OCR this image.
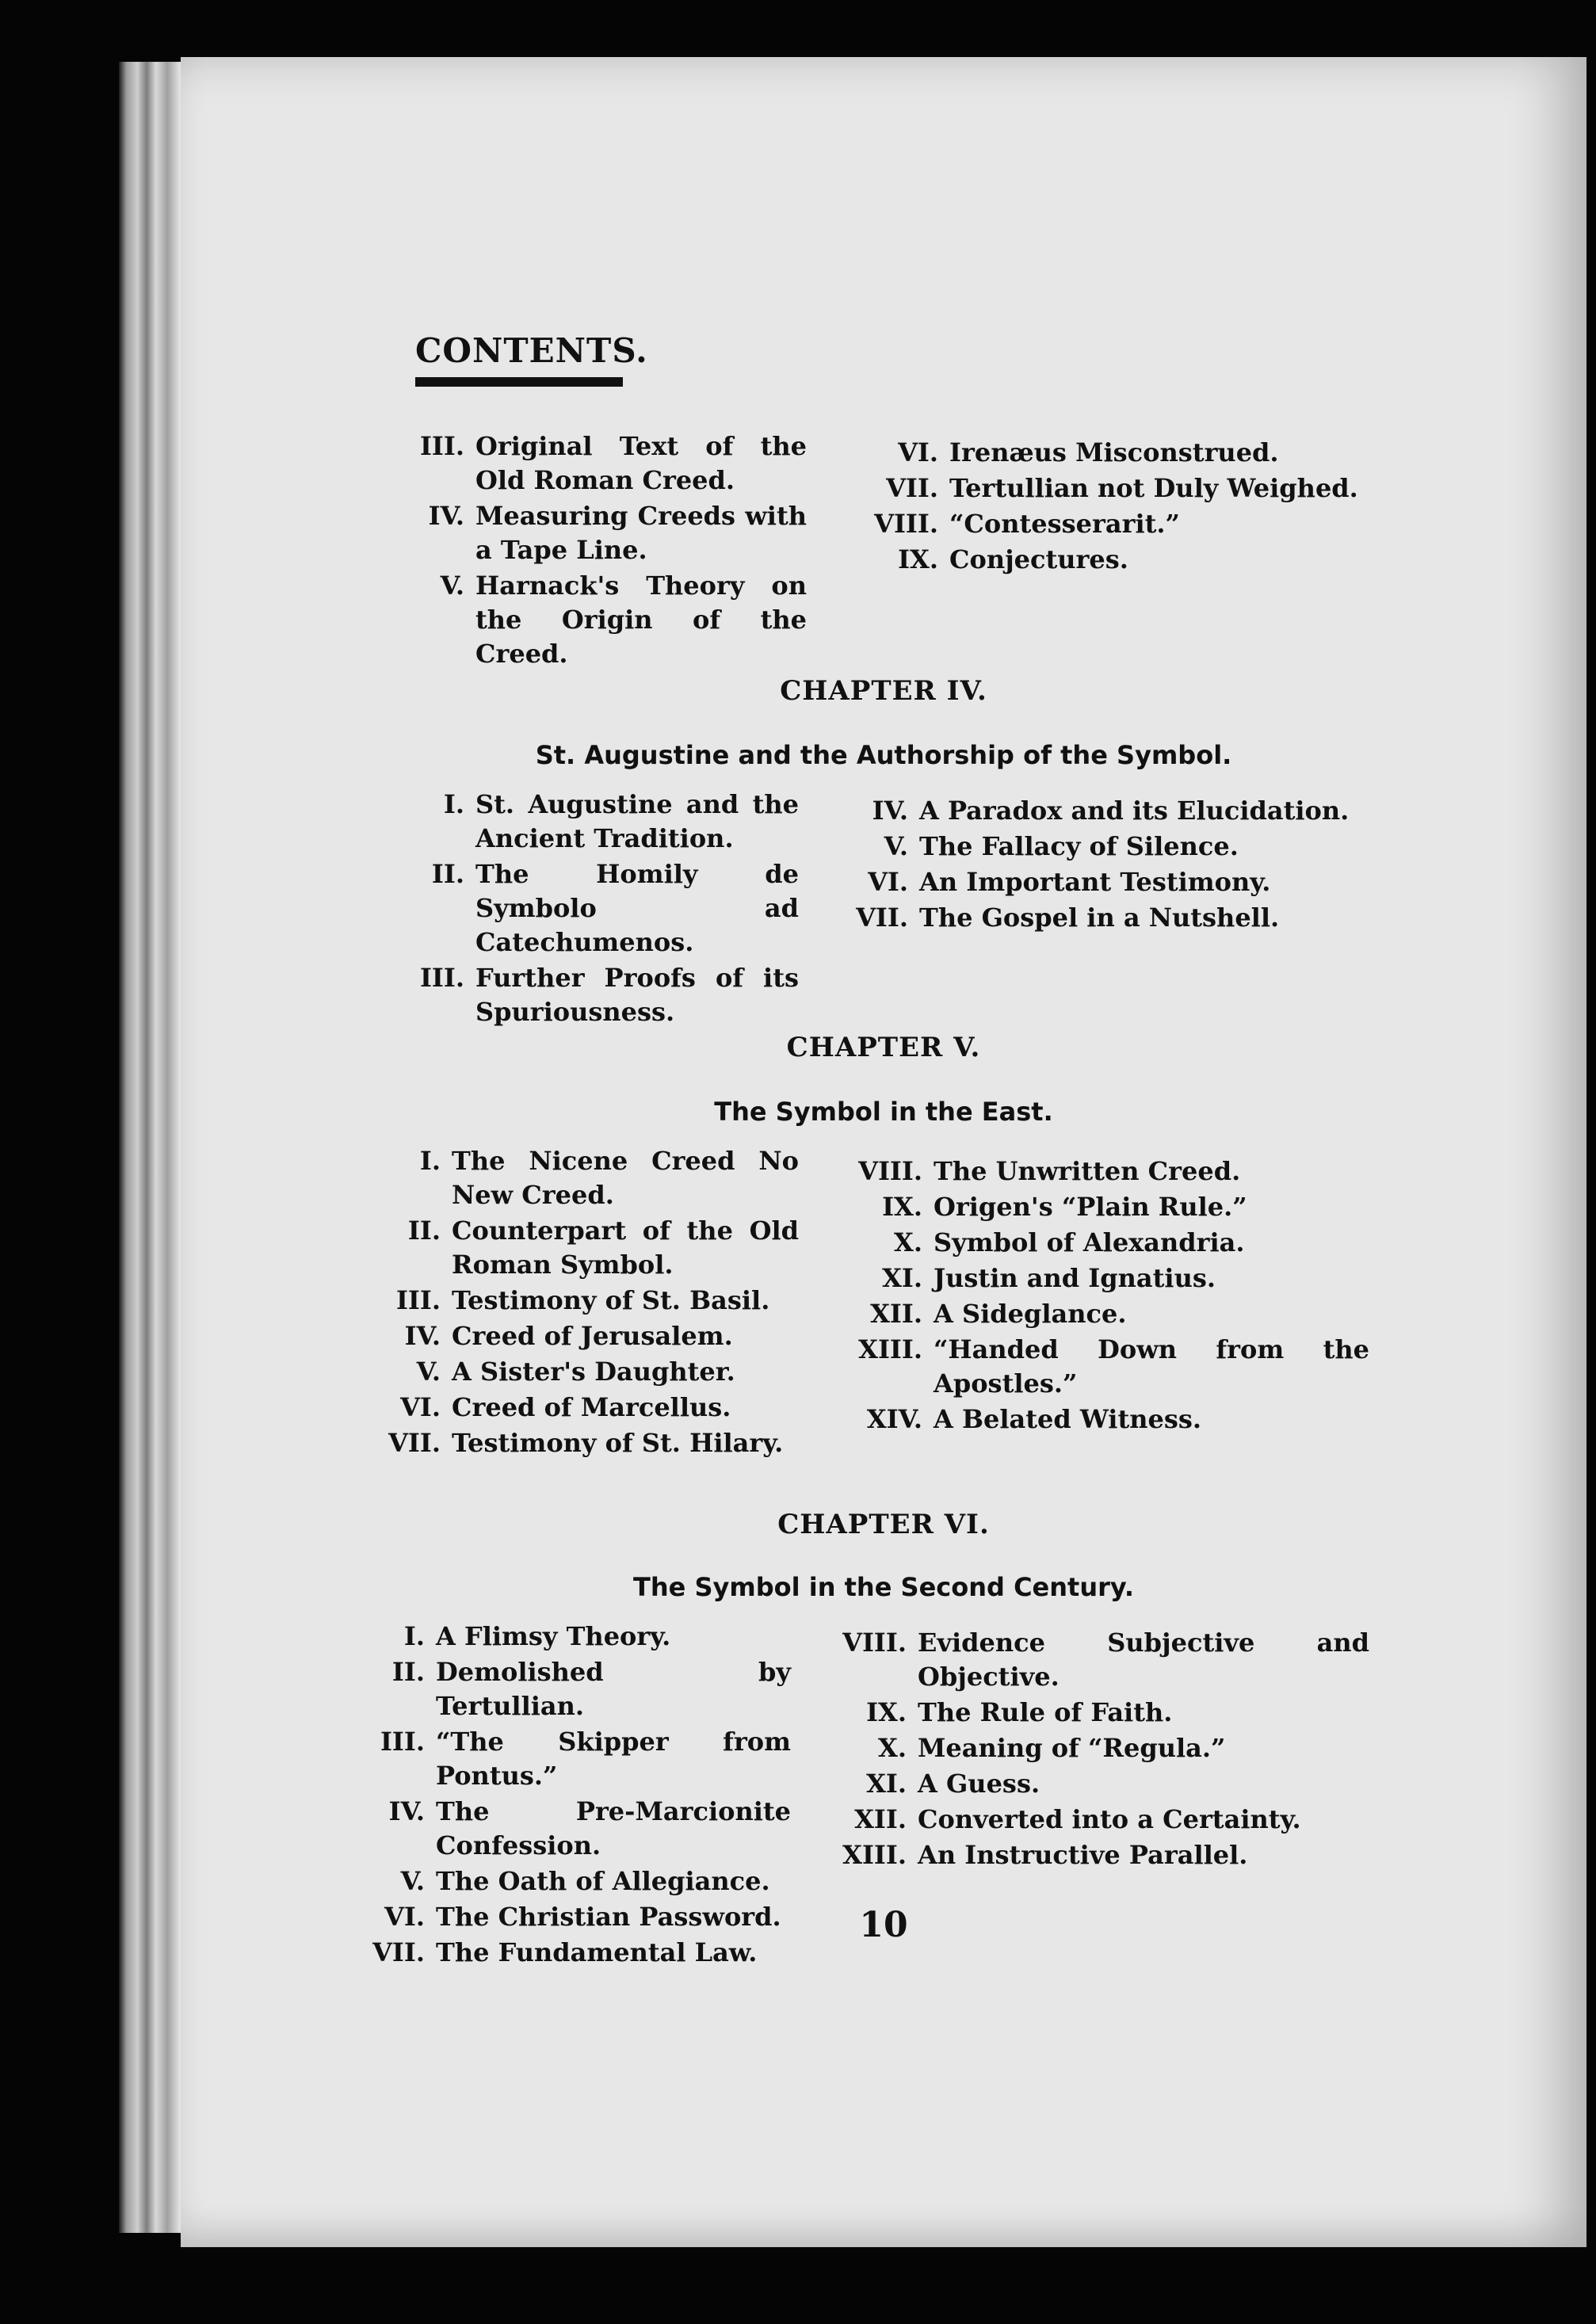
CONTENTS.
III. Original Text of the Old Roman Creed.
IV. Measuring Creeds with a Tape Line.
V. Harnack's Theory on the Origin of the Creed.
VI. Irenæus Misconstrued.
VII. Tertullian not Duly Weighed.
VIII. “Contesserarit.”
IX. Conjectures.
CHAPTER IV.
St. Augustine and the Authorship of the Symbol.
I. St. Augustine and the Ancient Tradition.
II. The Homily de Symbolo ad Catechumenos.
III. Further Proofs of its Spuriousness.
IV. A Paradox and its Elucidation.
V. The Fallacy of Silence.
VI. An Important Testimony.
VII. The Gospel in a Nutshell.
CHAPTER V.
The Symbol in the East.
I. The Nicene Creed No New Creed.
II. Counterpart of the Old Roman Symbol.
III. Testimony of St. Basil.
IV. Creed of Jerusalem.
V. A Sister's Daughter.
VI. Creed of Marcellus.
VII. Testimony of St. Hilary.
VIII. The Unwritten Creed.
IX. Origen's “Plain Rule.”
X. Symbol of Alexandria.
XI. Justin and Ignatius.
XII. A Sideglance.
XIII. “Handed Down from the Apostles.”
XIV. A Belated Witness.
CHAPTER VI.
The Symbol in the Second Century.
I. A Flimsy Theory.
II. Demolished by Tertullian.
III. “The Skipper from Pontus.”
IV. The Pre-Marcionite Confession.
V. The Oath of Allegiance.
VI. The Christian Password.
VII. The Fundamental Law.
VIII. Evidence Subjective and Objective.
IX. The Rule of Faith.
X. Meaning of “Regula.”
XI. A Guess.
XII. Converted into a Certainty.
XIII. An Instructive Parallel.
10
